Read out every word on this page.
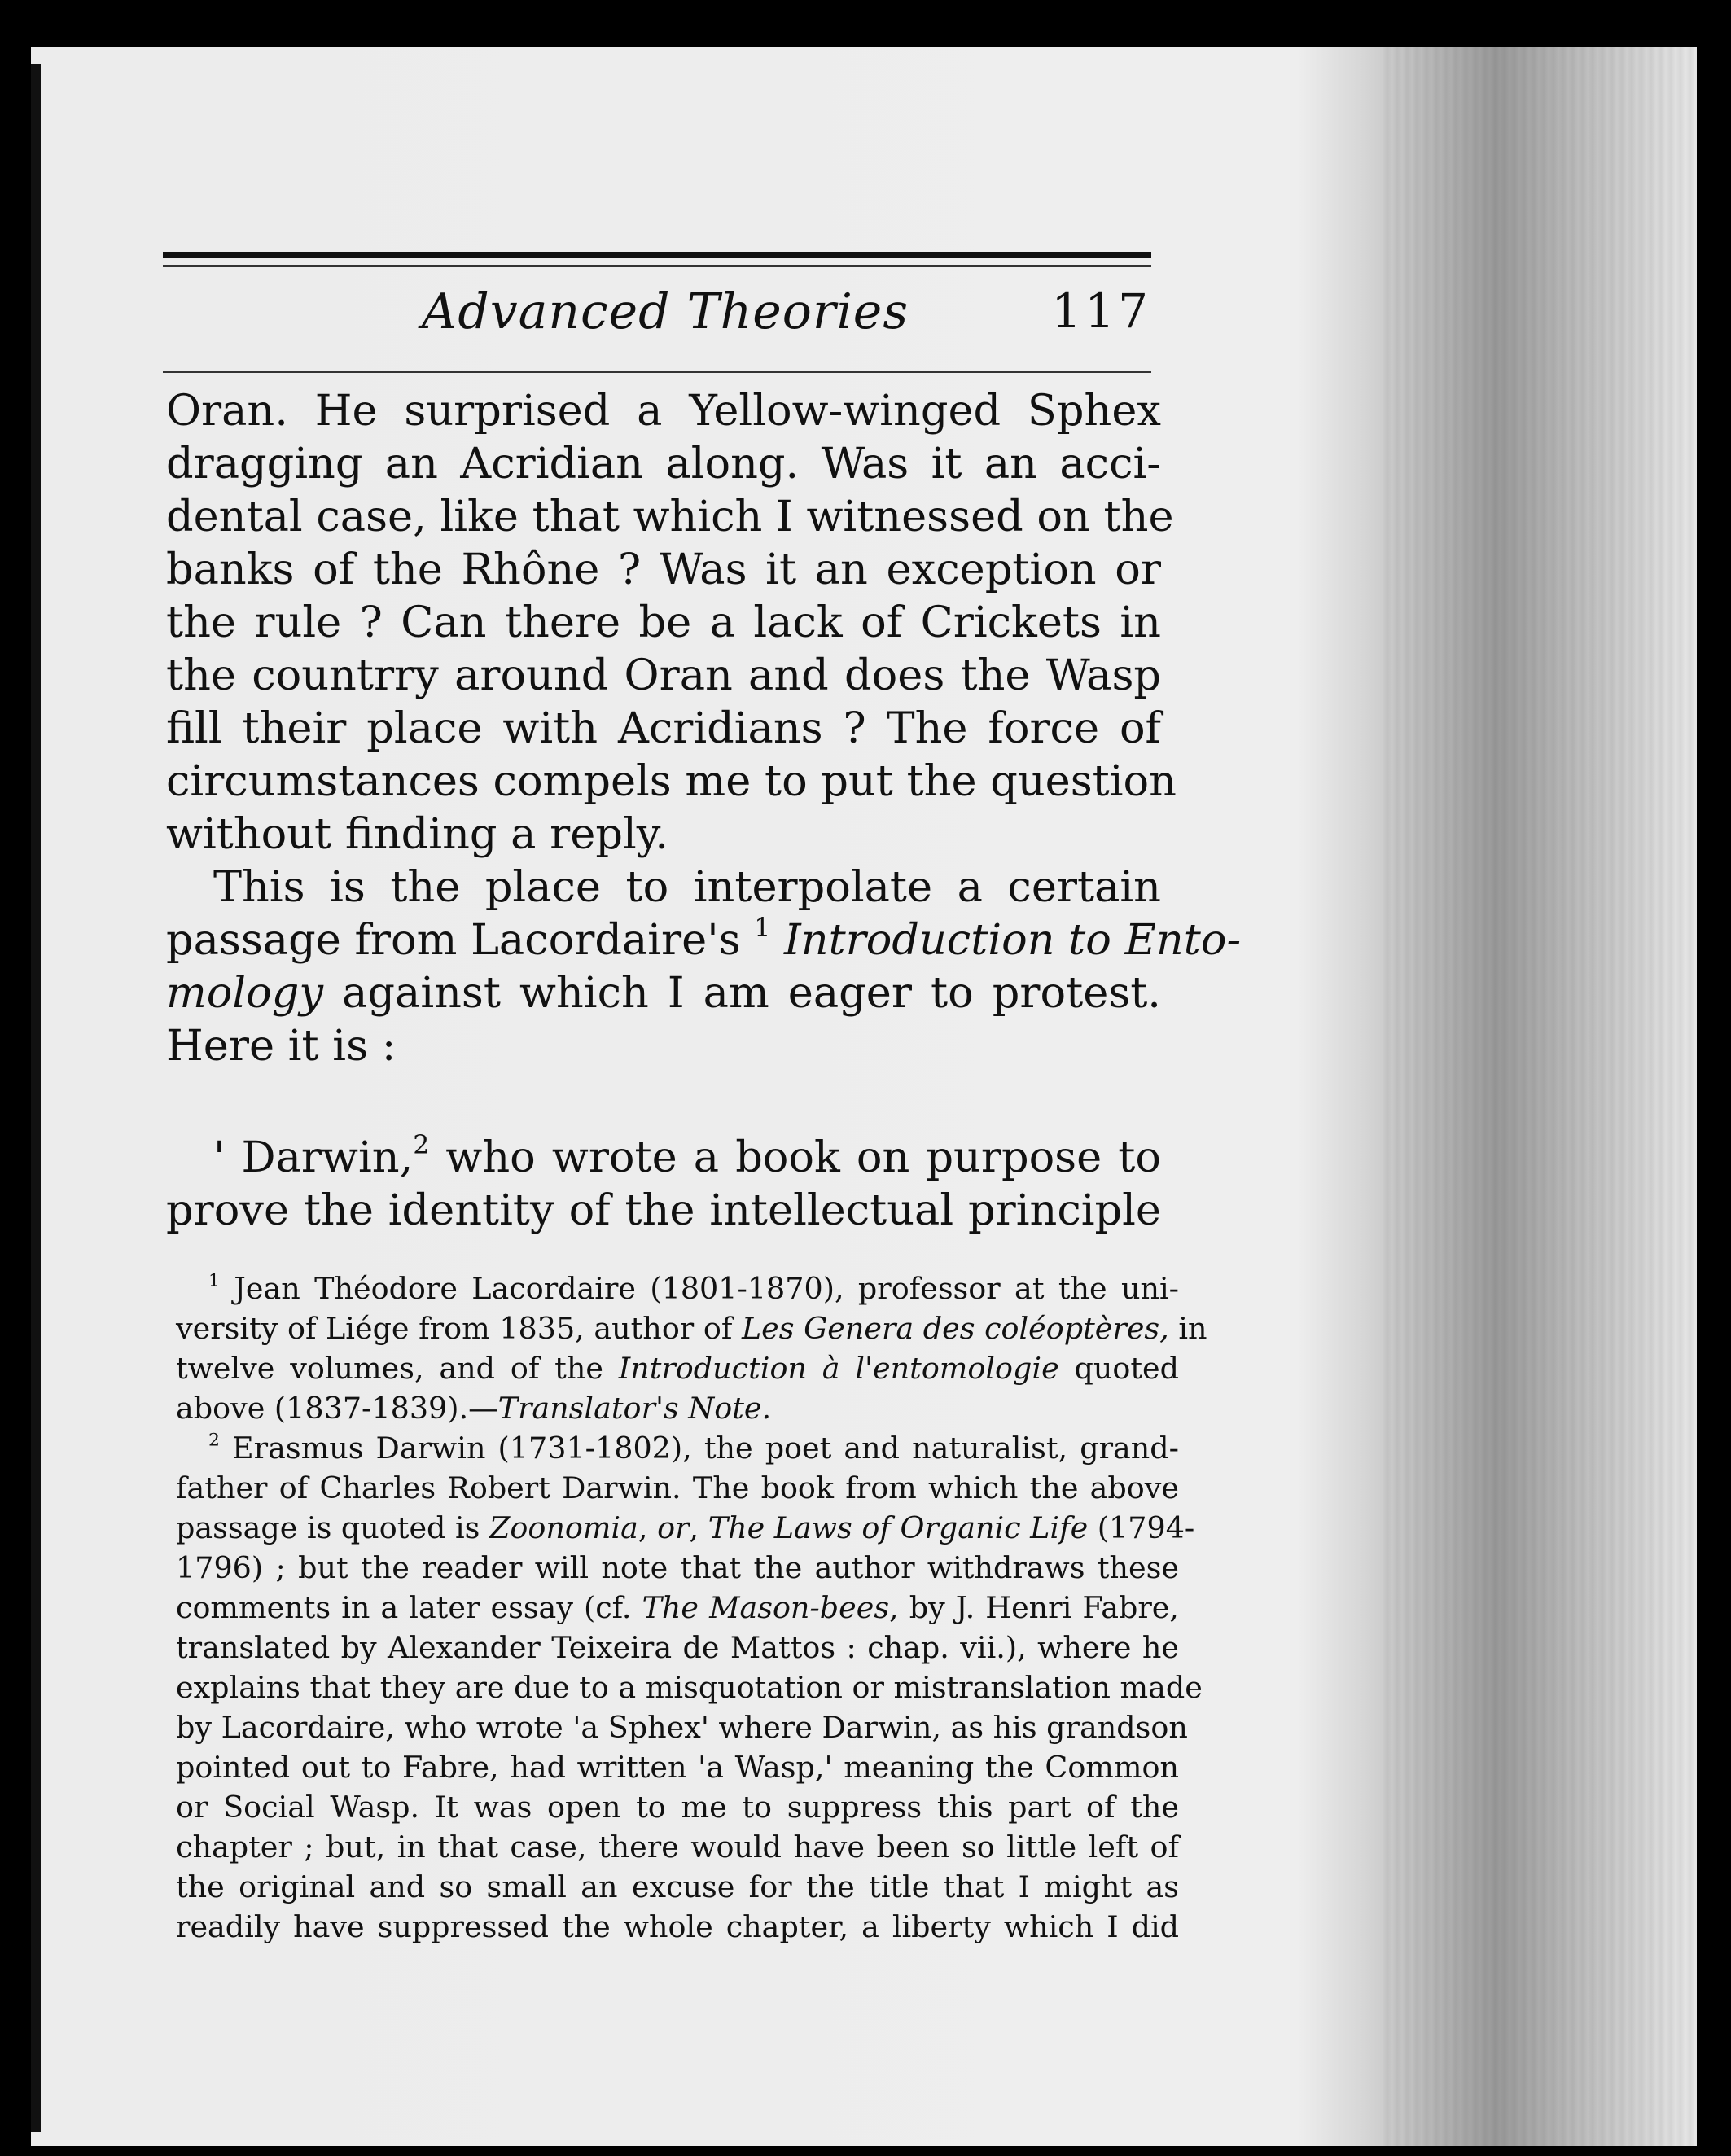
Advanced Theories	117
Oran. He surprised a Yellow-winged Sphex
dragging an Acridian along. Was it an acci-
dental case, like that which I witnessed on the
banks of the Rhône ? Was it an exception or
the rule ? Can there be a lack of Crickets in
the countrry around Oran and does the Wasp
fill their place with Acridians ? The force of
circumstances compels me to put the question
without finding a reply.
This is the place to interpolate a certain
passage from Lacordaire's $^1$ Introduction to Ento-
mology against which I am eager to protest.
Here it is :
' Darwin,$^2$ who wrote a book on purpose to
prove the identity of the intellectual principle
$^1$ Jean Théodore Lacordaire (1801-1870), professor at the uni-
versity of Liége from 1835, author of Les Genera des coléoptères, in
twelve volumes, and of the Introduction à l'entomologie quoted
above (1837-1839).—Translator's Note.
$^2$ Erasmus Darwin (1731-1802), the poet and naturalist, grand-
father of Charles Robert Darwin. The book from which the above
passage is quoted is Zoonomia, or, The Laws of Organic Life (1794-
1796) ; but the reader will note that the author withdraws these
comments in a later essay (cf. The Mason-bees, by J. Henri Fabre,
translated by Alexander Teixeira de Mattos : chap. vii.), where he
explains that they are due to a misquotation or mistranslation made
by Lacordaire, who wrote 'a Sphex' where Darwin, as his grandson
pointed out to Fabre, had written 'a Wasp,' meaning the Common
or Social Wasp. It was open to me to suppress this part of the
chapter ; but, in that case, there would have been so little left of
the original and so small an excuse for the title that I might as
readily have suppressed the whole chapter, a liberty which I did
